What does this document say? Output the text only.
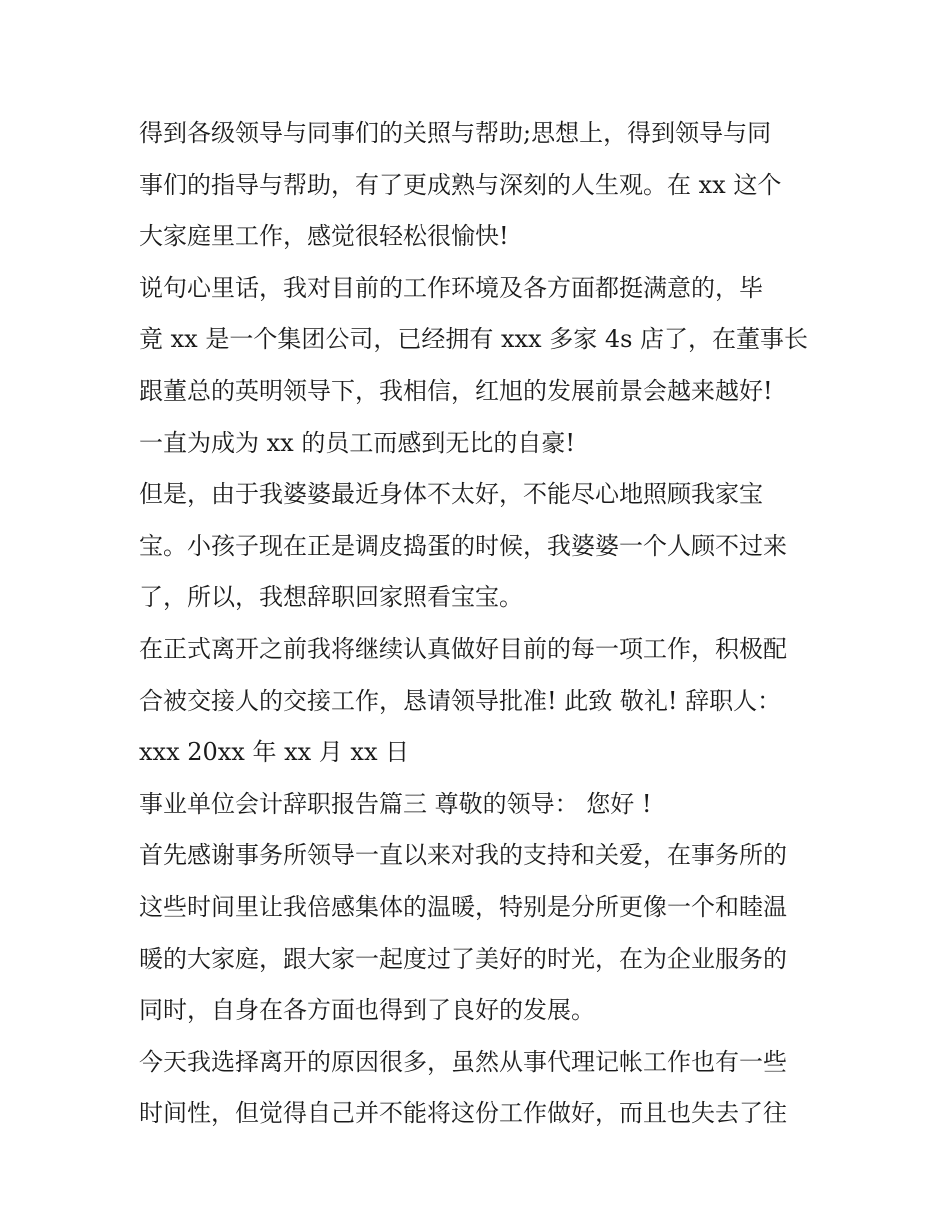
得到各级领导与同事们的关照与帮助;思想上，得到领导与同
事们的指导与帮助，有了更成熟与深刻的人生观。在 xx 这个
大家庭里工作，感觉很轻松很愉快!
说句心里话，我对目前的工作环境及各方面都挺满意的，毕
竟 xx 是一个集团公司，已经拥有 xxx 多家 4s 店了，在董事长
跟董总的英明领导下，我相信，红旭的发展前景会越来越好!
一直为成为 xx 的员工而感到无比的自豪!
但是，由于我婆婆最近身体不太好，不能尽心地照顾我家宝
宝。小孩子现在正是调皮捣蛋的时候，我婆婆一个人顾不过来
了，所以，我想辞职回家照看宝宝。
在正式离开之前我将继续认真做好目前的每一项工作，积极配
合被交接人的交接工作，恳请领导批准! 此致 敬礼! 辞职人：
xxx 20xx 年 xx 月 xx 日
事业单位会计辞职报告篇三 尊敬的领导： 您好 !
首先感谢事务所领导一直以来对我的支持和关爱，在事务所的
这些时间里让我倍感集体的温暖，特别是分所更像一个和睦温
暖的大家庭，跟大家一起度过了美好的时光，在为企业服务的
同时，自身在各方面也得到了良好的发展。
今天我选择离开的原因很多，虽然从事代理记帐工作也有一些
时间性，但觉得自己并不能将这份工作做好，而且也失去了往
